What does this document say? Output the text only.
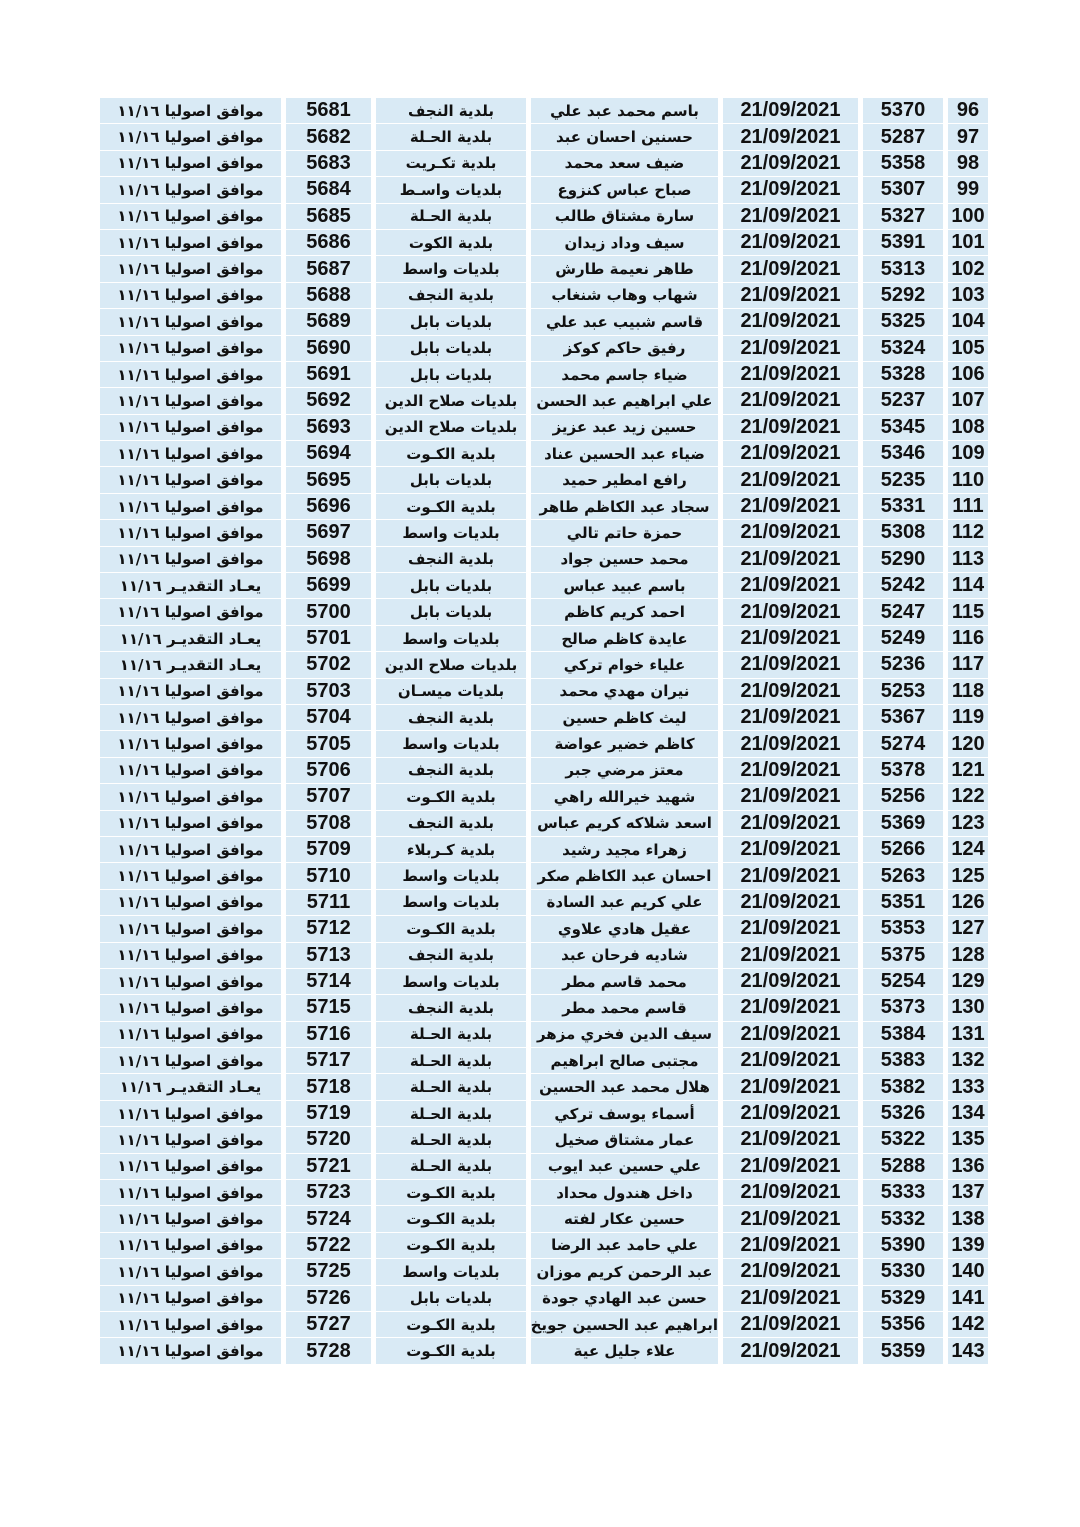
96	5370	21/09/2021	باسم محمد عبد علي	بلدية النجف	5681	موافق اصوليا ١١/١٦
97	5287	21/09/2021	حسنين احسان عبد	بلدية الحـلة	5682	موافق اصوليا ١١/١٦
98	5358	21/09/2021	ضيف سعد محمد	بلدية تكـريت	5683	موافق اصوليا ١١/١٦
99	5307	21/09/2021	صباح عباس كنزوع	بلديات واسـط	5684	موافق اصوليا ١١/١٦
100	5327	21/09/2021	سارة مشتاق طالب	بلدية الحـلة	5685	موافق اصوليا ١١/١٦
101	5391	21/09/2021	سيف وداد زيدان	بلدية الكوت	5686	موافق اصوليا ١١/١٦
102	5313	21/09/2021	طاهر نعيمة طارش	بلديات واسط	5687	موافق اصوليا ١١/١٦
103	5292	21/09/2021	شهاب وهاب شنغاب	بلدية النجف	5688	موافق اصوليا ١١/١٦
104	5325	21/09/2021	قاسم شبيب عبد علي	بلديات بابل	5689	موافق اصوليا ١١/١٦
105	5324	21/09/2021	رفيق حاكم كوكز	بلديات بابل	5690	موافق اصوليا ١١/١٦
106	5328	21/09/2021	ضياء جاسم محمد	بلديات بابل	5691	موافق اصوليا ١١/١٦
107	5237	21/09/2021	علي ابراهيم عبد الحسن	بلديات صلاح الدين	5692	موافق اصوليا ١١/١٦
108	5345	21/09/2021	حسين زيد عبد عزيز	بلديات صلاح الدين	5693	موافق اصوليا ١١/١٦
109	5346	21/09/2021	ضياء عبد الحسين عناد	بلدية الكـوت	5694	موافق اصوليا ١١/١٦
110	5235	21/09/2021	رافع امطير حميد	بلديات بابل	5695	موافق اصوليا ١١/١٦
111	5331	21/09/2021	سجاد عبد الكاظم طاهر	بلدية الكـوت	5696	موافق اصوليا ١١/١٦
112	5308	21/09/2021	حمزة حاتم تالي	بلديات واسط	5697	موافق اصوليا ١١/١٦
113	5290	21/09/2021	محمد حسين جواد	بلدية النجف	5698	موافق اصوليا ١١/١٦
114	5242	21/09/2021	باسم عبيد عباس	بلديات بابل	5699	يعـاد التقديـر ١١/١٦
115	5247	21/09/2021	احمد كريم كاظم	بلديات بابل	5700	موافق اصوليا ١١/١٦
116	5249	21/09/2021	عايدة كاظم صالح	بلديات واسط	5701	يعـاد التقديـر ١١/١٦
117	5236	21/09/2021	علياء خوام تركي	بلديات صلاح الدين	5702	يعـاد التقديـر ١١/١٦
118	5253	21/09/2021	نيران مهدي محمد	بلديات ميسـان	5703	موافق اصوليا ١١/١٦
119	5367	21/09/2021	ليث كاظم حسين	بلدية النجف	5704	موافق اصوليا ١١/١٦
120	5274	21/09/2021	كاظم خضير عواضة	بلديات واسط	5705	موافق اصوليا ١١/١٦
121	5378	21/09/2021	معتز مرضي جبر	بلدية النجف	5706	موافق اصوليا ١١/١٦
122	5256	21/09/2021	شهيد خيرالله راهي	بلدية الكـوت	5707	موافق اصوليا ١١/١٦
123	5369	21/09/2021	اسعد شلاكه كريم عباس	بلدية النجف	5708	موافق اصوليا ١١/١٦
124	5266	21/09/2021	زهراء مجيد رشيد	بلدية كـربلاء	5709	موافق اصوليا ١١/١٦
125	5263	21/09/2021	احسان عبد الكاظم صكر	بلديات واسط	5710	موافق اصوليا ١١/١٦
126	5351	21/09/2021	علي كريم عبد السادة	بلديات واسط	5711	موافق اصوليا ١١/١٦
127	5353	21/09/2021	عقيل هادي علاوي	بلدية الكـوت	5712	موافق اصوليا ١١/١٦
128	5375	21/09/2021	شاديه فرحان عبد	بلدية النجف	5713	موافق اصوليا ١١/١٦
129	5254	21/09/2021	محمد قاسم مطر	بلديات واسط	5714	موافق اصوليا ١١/١٦
130	5373	21/09/2021	قاسم محمد مطر	بلدية النجف	5715	موافق اصوليا ١١/١٦
131	5384	21/09/2021	سيف الدين فخري مزهر	بلدية الحـلة	5716	موافق اصوليا ١١/١٦
132	5383	21/09/2021	مجتبى صالح ابراهيم	بلدية الحـلة	5717	موافق اصوليا ١١/١٦
133	5382	21/09/2021	هلال محمد عبد الحسين	بلدية الحـلة	5718	يعـاد التقديـر ١١/١٦
134	5326	21/09/2021	أسماء يوسف تركي	بلدية الحـلة	5719	موافق اصوليا ١١/١٦
135	5322	21/09/2021	عمار مشتاق صخيل	بلدية الحـلة	5720	موافق اصوليا ١١/١٦
136	5288	21/09/2021	علي حسين عبد ايوب	بلدية الحـلة	5721	موافق اصوليا ١١/١٦
137	5333	21/09/2021	داخل هندول محداد	بلدية الكـوت	5723	موافق اصوليا ١١/١٦
138	5332	21/09/2021	حسين عكار لفته	بلدية الكـوت	5724	موافق اصوليا ١١/١٦
139	5390	21/09/2021	علي حامد عبد الرضا	بلدية الكـوت	5722	موافق اصوليا ١١/١٦
140	5330	21/09/2021	عبد الرحمن كريم موزان	بلديات واسط	5725	موافق اصوليا ١١/١٦
141	5329	21/09/2021	حسن عبد الهادي جودة	بلديات بابل	5726	موافق اصوليا ١١/١٦
142	5356	21/09/2021	ابراهيم عبد الحسين جويخ	بلدية الكـوت	5727	موافق اصوليا ١١/١٦
143	5359	21/09/2021	علاء جليل عية	بلدية الكـوت	5728	موافق اصوليا ١١/١٦
